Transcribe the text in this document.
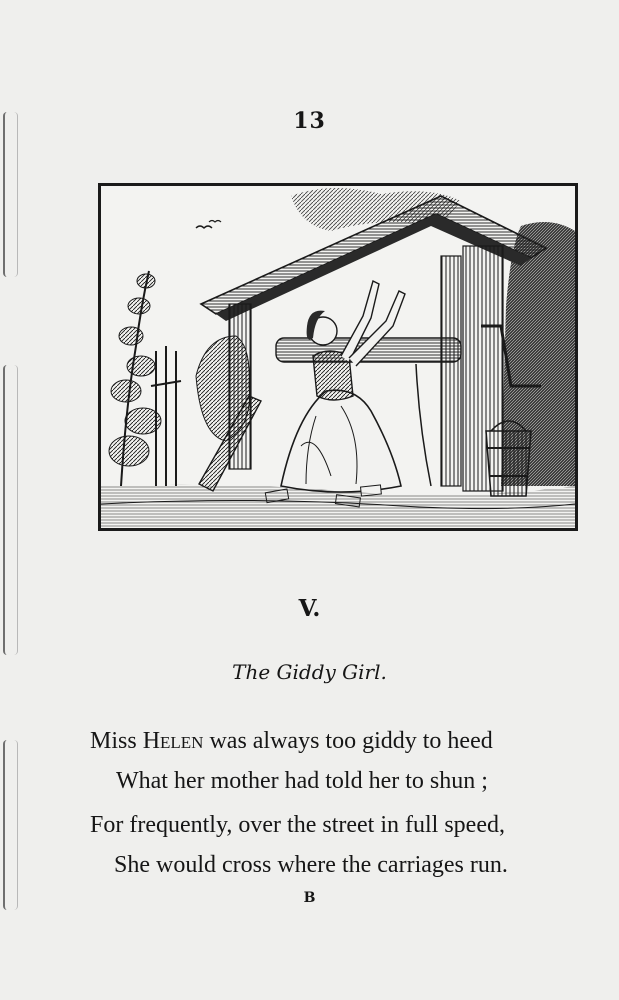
13
V.
The Giddy Girl.
Miss Helen was always too giddy to heed
What her mother had told her to shun ;
For frequently, over the street in full speed,
She would cross where the carriages run.
B
